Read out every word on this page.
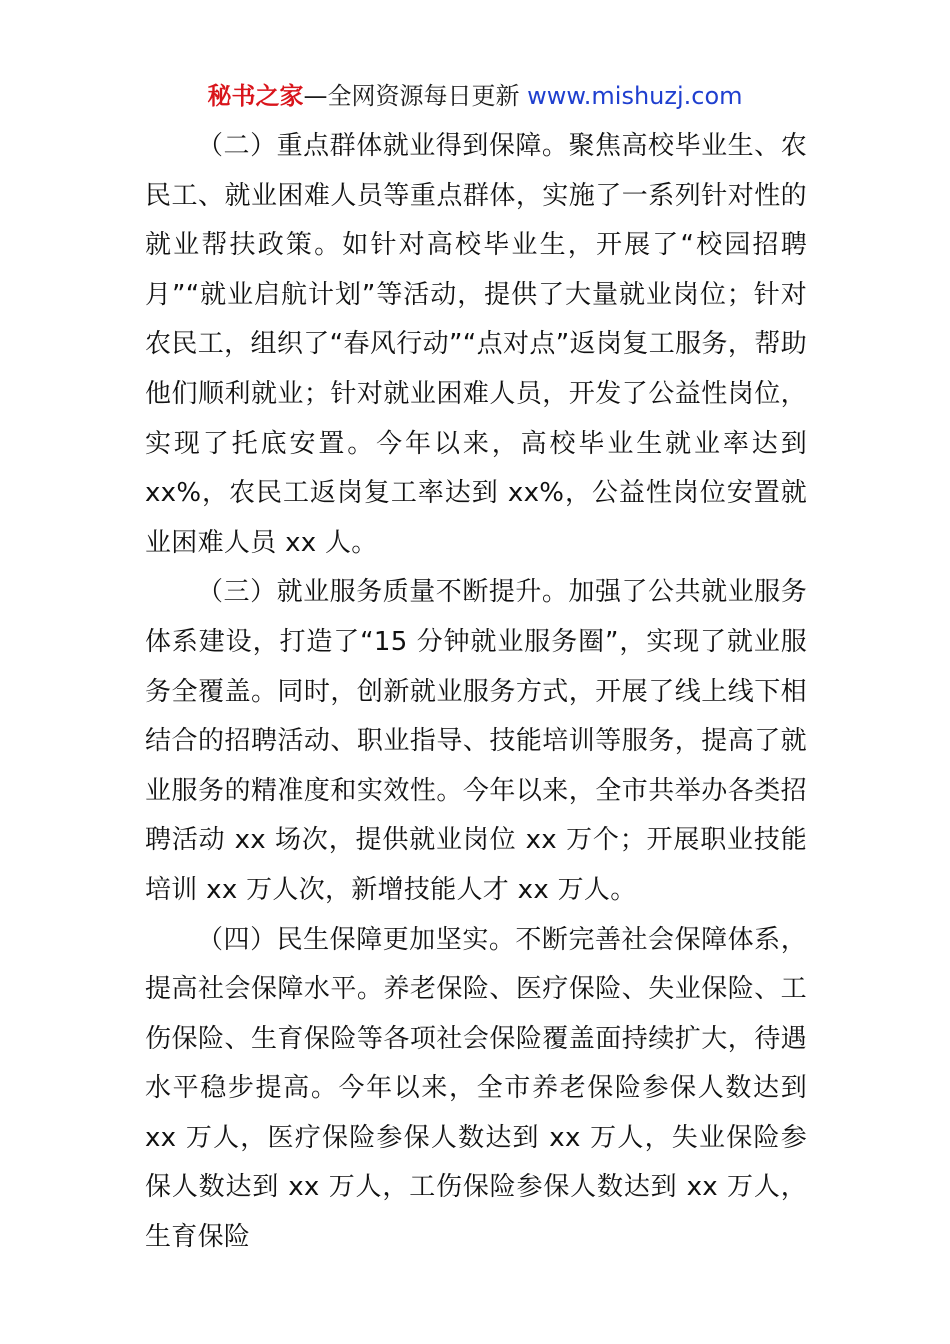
秘书之家—全网资源每日更新 www.mishuzj.com

（二）重点群体就业得到保障。聚焦高校毕业生、农民工、就业困难人员等重点群体，实施了一系列针对性的就业帮扶政策。如针对高校毕业生，开展了“校园招聘月”“就业启航计划”等活动，提供了大量就业岗位；针对农民工，组织了“春风行动”“点对点”返岗复工服务，帮助他们顺利就业；针对就业困难人员，开发了公益性岗位，实现了托底安置。今年以来，高校毕业生就业率达到 xx%，农民工返岗复工率达到 xx%，公益性岗位安置就业困难人员 xx 人。

（三）就业服务质量不断提升。加强了公共就业服务体系建设，打造了“15 分钟就业服务圈”，实现了就业服务全覆盖。同时，创新就业服务方式，开展了线上线下相结合的招聘活动、职业指导、技能培训等服务，提高了就业服务的精准度和实效性。今年以来，全市共举办各类招聘活动 xx 场次，提供就业岗位 xx 万个；开展职业技能培训 xx 万人次，新增技能人才 xx 万人。

（四）民生保障更加坚实。不断完善社会保障体系，提高社会保障水平。养老保险、医疗保险、失业保险、工伤保险、生育保险等各项社会保险覆盖面持续扩大，待遇水平稳步提高。今年以来，全市养老保险参保人数达到 xx 万人，医疗保险参保人数达到 xx 万人，失业保险参保人数达到 xx 万人，工伤保险参保人数达到 xx 万人，生育保险
